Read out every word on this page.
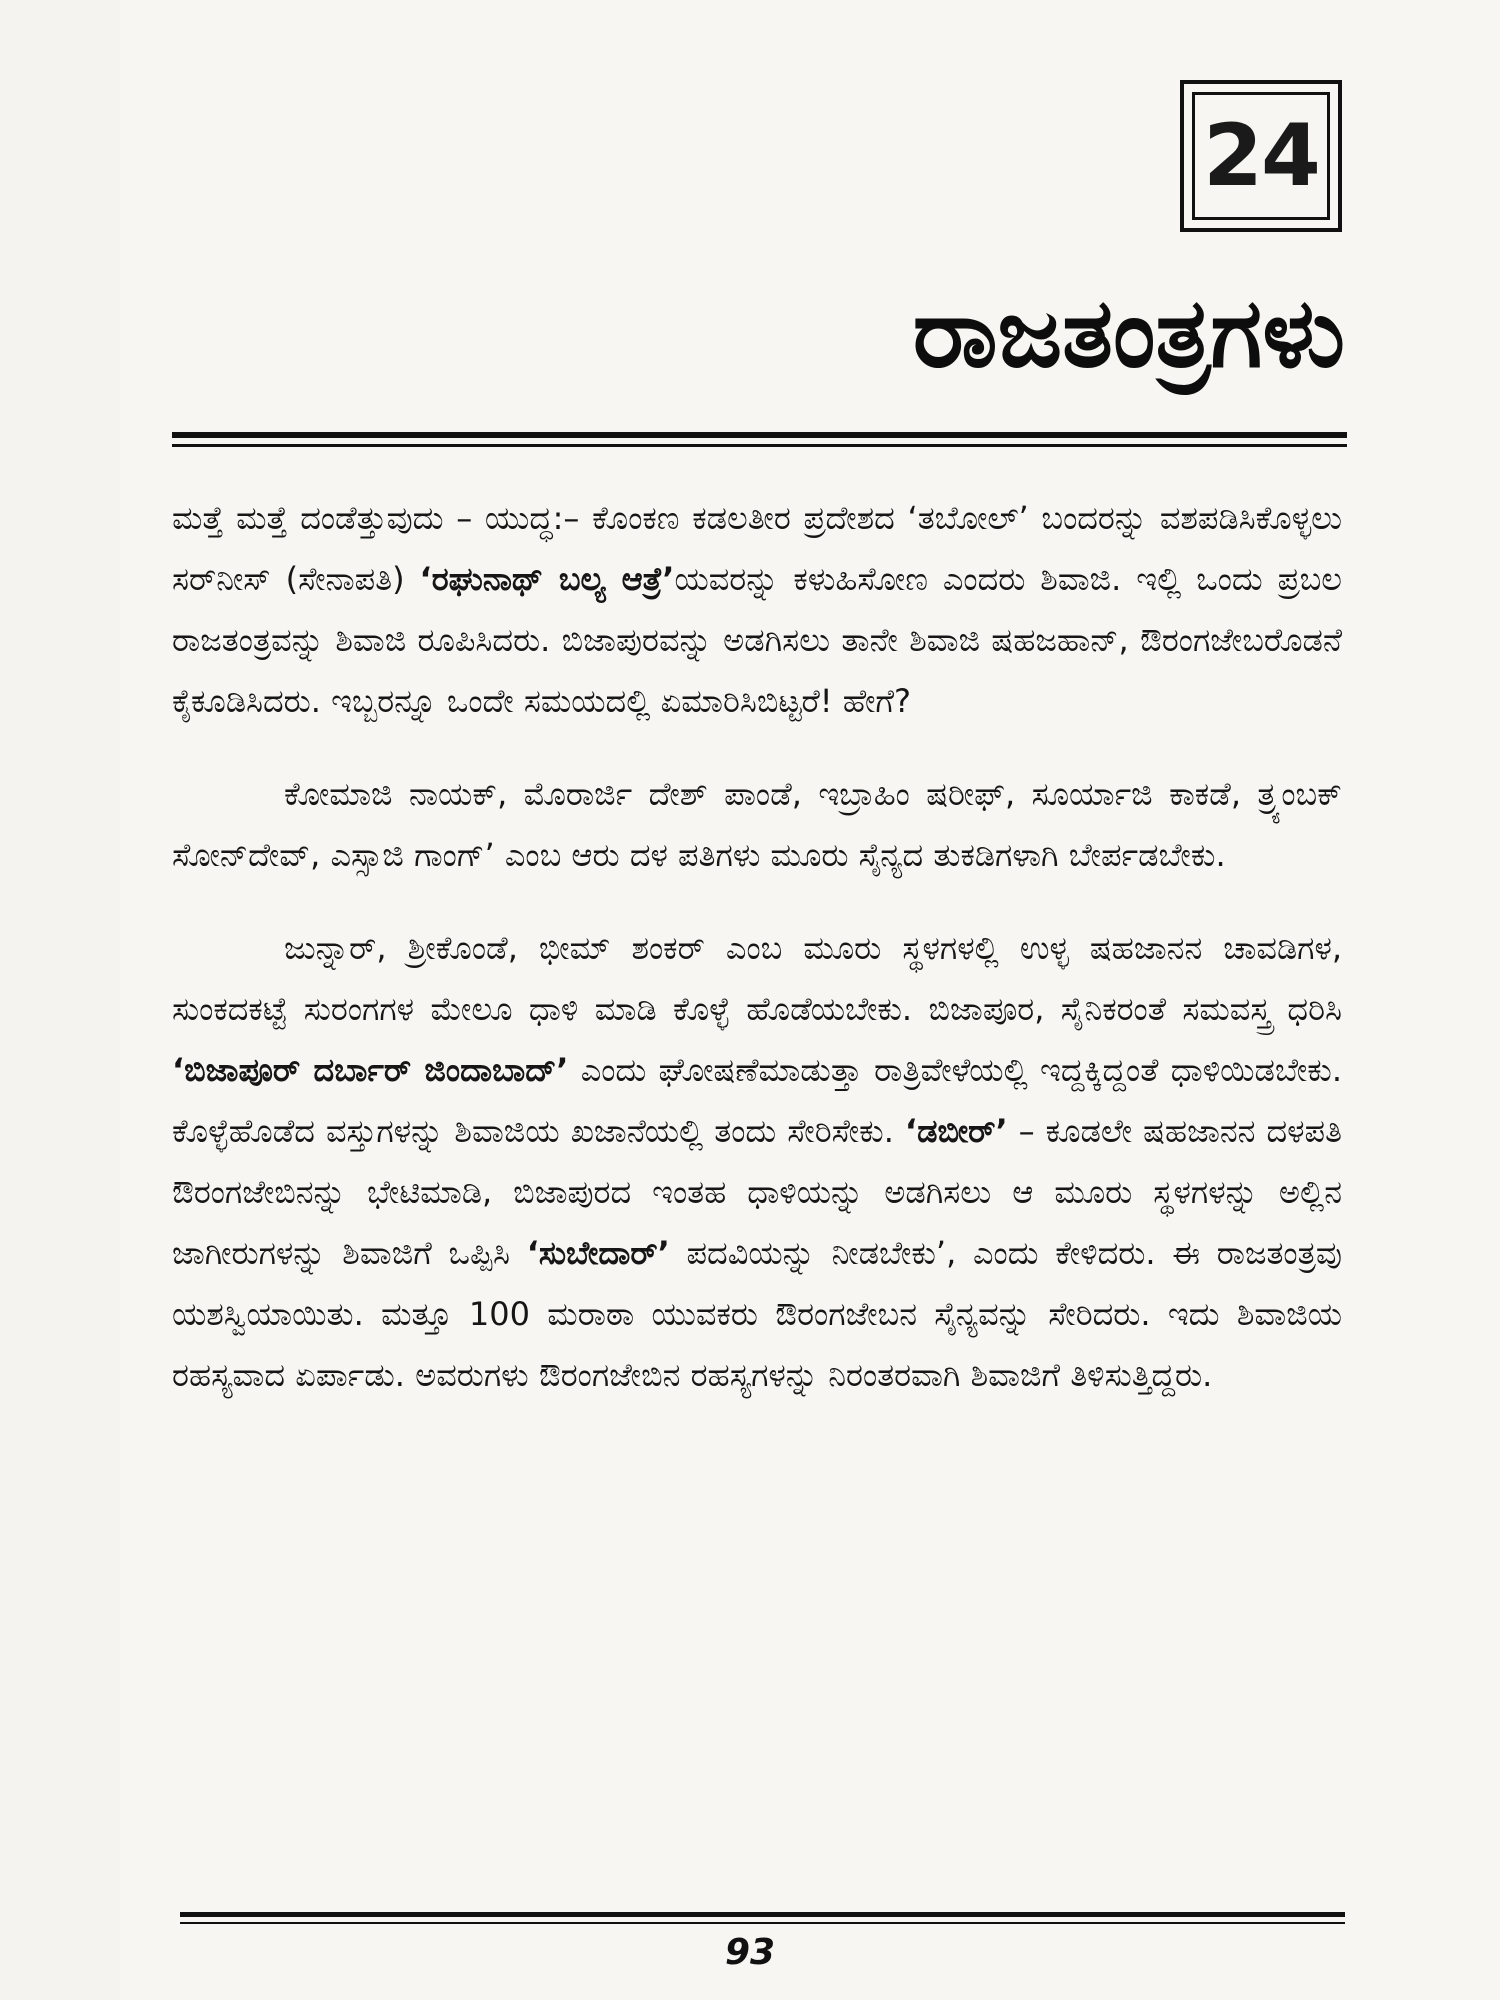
24
ರಾಜತಂತ್ರಗಳು

ಮತ್ತೆ ಮತ್ತೆ ದಂಡೆತ್ತುವುದು – ಯುದ್ಧ:– ಕೊಂಕಣ ಕಡಲತೀರ ಪ್ರದೇಶದ ‘ತಬೋಲ್’ ಬಂದರನ್ನು ವಶಪಡಿಸಿಕೊಳ್ಳಲು ಸರ್‌ನೀಸ್ (ಸೇನಾಪತಿ) ‘ರಘುನಾಥ್ ಬಲ್ಯ ಆತ್ರೆ’ಯವರನ್ನು ಕಳುಹಿಸೋಣ ಎಂದರು ಶಿವಾಜಿ. ಇಲ್ಲಿ ಒಂದು ಪ್ರಬಲ ರಾಜತಂತ್ರವನ್ನು ಶಿವಾಜಿ ರೂಪಿಸಿದರು. ಬಿಜಾಪುರವನ್ನು ಅಡಗಿಸಲು ತಾನೇ ಶಿವಾಜಿ ಷಹಜಹಾನ್, ಔರಂಗಜೇಬರೊಡನೆ ಕೈಕೂಡಿಸಿದರು. ಇಬ್ಬರನ್ನೂ ಒಂದೇ ಸಮಯದಲ್ಲಿ ಏಮಾರಿಸಿಬಿಟ್ಟರೆ! ಹೇಗೆ?

ಕೋಮಾಜಿ ನಾಯಕ್, ಮೊರಾರ್ಜಿ ದೇಶ್ ಪಾಂಡೆ, ಇಬ್ರಾಹಿಂ ಷರೀಫ್, ಸೂರ್ಯಾಜಿ ಕಾಕಡೆ, ತ್ರ್ಯಂಬಕ್ ಸೋನ್‌ದೇವ್, ಎಸ್ಸಾಜಿ ಗಾಂಗ್’ ಎಂಬ ಆರು ದಳ ಪತಿಗಳು ಮೂರು ಸೈನ್ಯದ ತುಕಡಿಗಳಾಗಿ ಬೇರ್ಪಡಬೇಕು.

ಜುನ್ನಾರ್, ಶ್ರೀಕೊಂಡೆ, ಭೀಮ್ ಶಂಕರ್ ಎಂಬ ಮೂರು ಸ್ಥಳಗಳಲ್ಲಿ ಉಳ್ಳ ಷಹಜಾನನ ಚಾವಡಿಗಳ, ಸುಂಕದಕಟ್ಟೆ ಸುರಂಗಗಳ ಮೇಲೂ ಧಾಳಿ ಮಾಡಿ ಕೊಳ್ಳೆ ಹೊಡೆಯಬೇಕು. ಬಿಜಾಪೂರ, ಸೈನಿಕರಂತೆ ಸಮವಸ್ತ್ರ ಧರಿಸಿ ‘ಬಿಜಾಪೂರ್ ದರ್ಬಾರ್ ಜಿಂದಾಬಾದ್’ ಎಂದು ಘೋಷಣೆಮಾಡುತ್ತಾ ರಾತ್ರಿವೇಳೆಯಲ್ಲಿ ಇದ್ದಕ್ಕಿದ್ದಂತೆ ಧಾಳಿಯಿಡಬೇಕು. ಕೊಳ್ಳೆಹೊಡೆದ ವಸ್ತುಗಳನ್ನು ಶಿವಾಜಿಯ ಖಜಾನೆಯಲ್ಲಿ ತಂದು ಸೇರಿಸೇಕು. ‘ಡಬೀರ್’ – ಕೂಡಲೇ ಷಹಜಾನನ ದಳಪತಿ ಔರಂಗಜೇಬಿನನ್ನು ಭೇಟಿಮಾಡಿ, ಬಿಜಾಪುರದ ಇಂತಹ ಧಾಳಿಯನ್ನು ಅಡಗಿಸಲು ಆ ಮೂರು ಸ್ಥಳಗಳನ್ನು ಅಲ್ಲಿನ ಜಾಗೀರುಗಳನ್ನು ಶಿವಾಜಿಗೆ ಒಪ್ಪಿಸಿ ‘ಸುಬೇದಾರ್’ ಪದವಿಯನ್ನು ನೀಡಬೇಕು’, ಎಂದು ಕೇಳಿದರು. ಈ ರಾಜತಂತ್ರವು ಯಶಸ್ವಿಯಾಯಿತು. ಮತ್ತೂ 100 ಮರಾಠಾ ಯುವಕರು ಔರಂಗಜೇಬನ ಸೈನ್ಯವನ್ನು ಸೇರಿದರು. ಇದು ಶಿವಾಜಿಯ ರಹಸ್ಯವಾದ ಏರ್ಪಾಡು. ಅವರುಗಳು ಔರಂಗಜೇಬಿನ ರಹಸ್ಯಗಳನ್ನು ನಿರಂತರವಾಗಿ ಶಿವಾಜಿಗೆ ತಿಳಿಸುತ್ತಿದ್ದರು.

93
